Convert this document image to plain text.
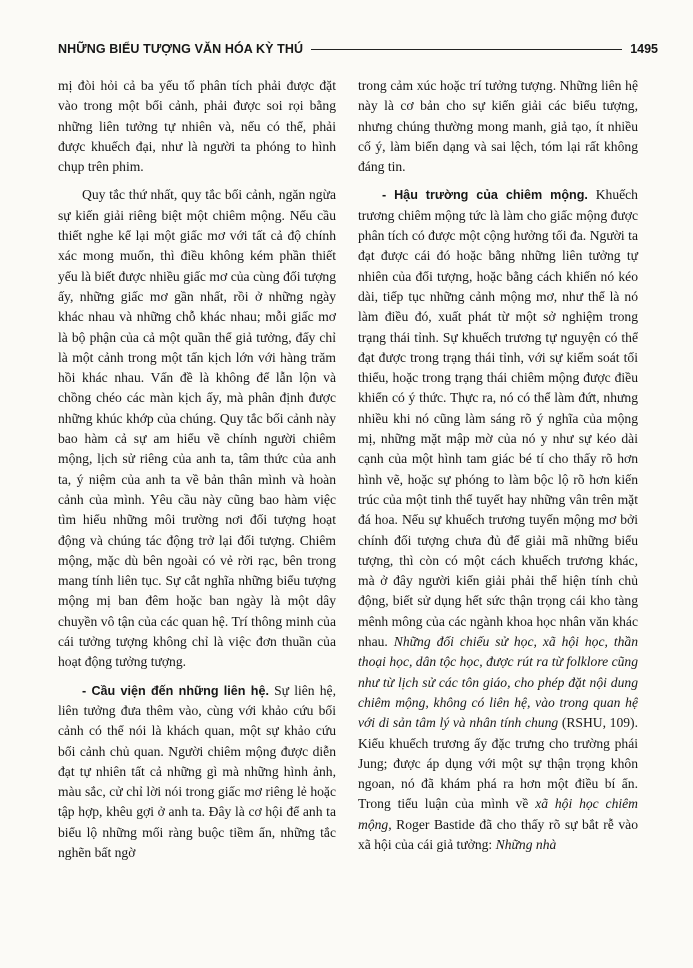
NHỮNG BIỂU TƯỢNG VĂN HÓA KỲ THÚ	1495

mị đòi hỏi cả ba yếu tố phân tích phải được đặt vào trong một bối cảnh, phải được soi rọi bằng những liên tưởng tự nhiên và, nếu có thể, phải được khuếch đại, như là người ta phóng to hình chụp trên phim.

Quy tắc thứ nhất, quy tắc bối cảnh, ngăn ngừa sự kiến giải riêng biệt một chiêm mộng. Nếu cầu thiết nghe kể lại một giấc mơ với tất cả độ chính xác mong muốn, thì điều không kém phần thiết yếu là biết được nhiều giấc mơ của cùng đối tượng ấy, những giấc mơ gần nhất, rồi ở những ngày khác nhau và những chỗ khác nhau; mỗi giấc mơ là bộ phận của cả một quần thể giả tưởng, đấy chỉ là một cảnh trong một tấn kịch lớn với hàng trăm hồi khác nhau. Vấn đề là không để lẫn lộn và chồng chéo các màn kịch ấy, mà phân định được những khúc khớp của chúng. Quy tắc bối cảnh này bao hàm cả sự am hiểu về chính người chiêm mộng, lịch sử riêng của anh ta, tâm thức của anh ta, ý niệm của anh ta về bản thân mình và hoàn cảnh của mình. Yêu cầu này cũng bao hàm việc tìm hiểu những môi trường nơi đối tượng hoạt động và chúng tác động trở lại đối tượng. Chiêm mộng, mặc dù bên ngoài có vẻ rời rạc, bên trong mang tính liên tục. Sự cắt nghĩa những biểu tượng mộng mị ban đêm hoặc ban ngày là một dây chuyền vô tận của các quan hệ. Trí thông minh của cái tưởng tượng không chỉ là việc đơn thuần của hoạt động tưởng tượng.

- Cầu viện đến những liên hệ. Sự liên hệ, liên tưởng đưa thêm vào, cùng với khảo cứu bối cảnh có thể nói là khách quan, một sự khảo cứu bối cảnh chủ quan. Người chiêm mộng được diễn đạt tự nhiên tất cả những gì mà những hình ảnh, màu sắc, cử chỉ lời nói trong giấc mơ riêng lẻ hoặc tập hợp, khêu gợi ở anh ta. Đây là cơ hội để anh ta biểu lộ những mối ràng buộc tiềm ẩn, những tắc nghẽn bất ngờ

trong cảm xúc hoặc trí tưởng tượng. Những liên hệ này là cơ bản cho sự kiến giải các biểu tượng, nhưng chúng thường mong manh, giả tạo, ít nhiều cố ý, làm biến dạng và sai lệch, tóm lại rất không đáng tin.

- Hậu trường của chiêm mộng. Khuếch trương chiêm mộng tức là làm cho giấc mộng được phân tích có được một cộng hưởng tối đa. Người ta đạt được cái đó hoặc bằng những liên tưởng tự nhiên của đối tượng, hoặc bằng cách khiến nó kéo dài, tiếp tục những cảnh mộng mơ, như thể là nó làm điều đó, xuất phát từ một sở nghiệm trong trạng thái tỉnh. Sự khuếch trương tự nguyện có thể đạt được trong trạng thái tỉnh, với sự kiểm soát tối thiểu, hoặc trong trạng thái chiêm mộng được điều khiển có ý thức. Thực ra, nó có thể làm đứt, nhưng nhiều khi nó cũng làm sáng rõ ý nghĩa của mộng mị, những mặt mập mờ của nó y như sự kéo dài cạnh của một hình tam giác bé tí cho thấy rõ hơn hình vẽ, hoặc sự phóng to làm bộc lộ rõ hơn kiến trúc của một tinh thể tuyết hay những vân trên mặt đá hoa. Nếu sự khuếch trương tuyến mộng mơ bởi chính đối tượng chưa đủ để giải mã những biểu tượng, thì còn có một cách khuếch trương khác, mà ở đây người kiến giải phải thể hiện tính chủ động, biết sử dụng hết sức thận trọng cái kho tàng mênh mông của các ngành khoa học nhân văn khác nhau. Những đối chiếu sử học, xã hội học, thần thoại học, dân tộc học, được rút ra từ folklore cũng như từ lịch sử các tôn giáo, cho phép đặt nội dung chiêm mộng, không có liên hệ, vào trong quan hệ với di sản tâm lý và nhân tính chung (RSHU, 109). Kiểu khuếch trương ấy đặc trưng cho trường phái Jung; được áp dụng với một sự thận trọng khôn ngoan, nó đã khám phá ra hơn một điều bí ẩn. Trong tiểu luận của mình về xã hội học chiêm mộng, Roger Bastide đã cho thấy rõ sự bắt rễ vào xã hội của cái giả tưởng: Những nhà
